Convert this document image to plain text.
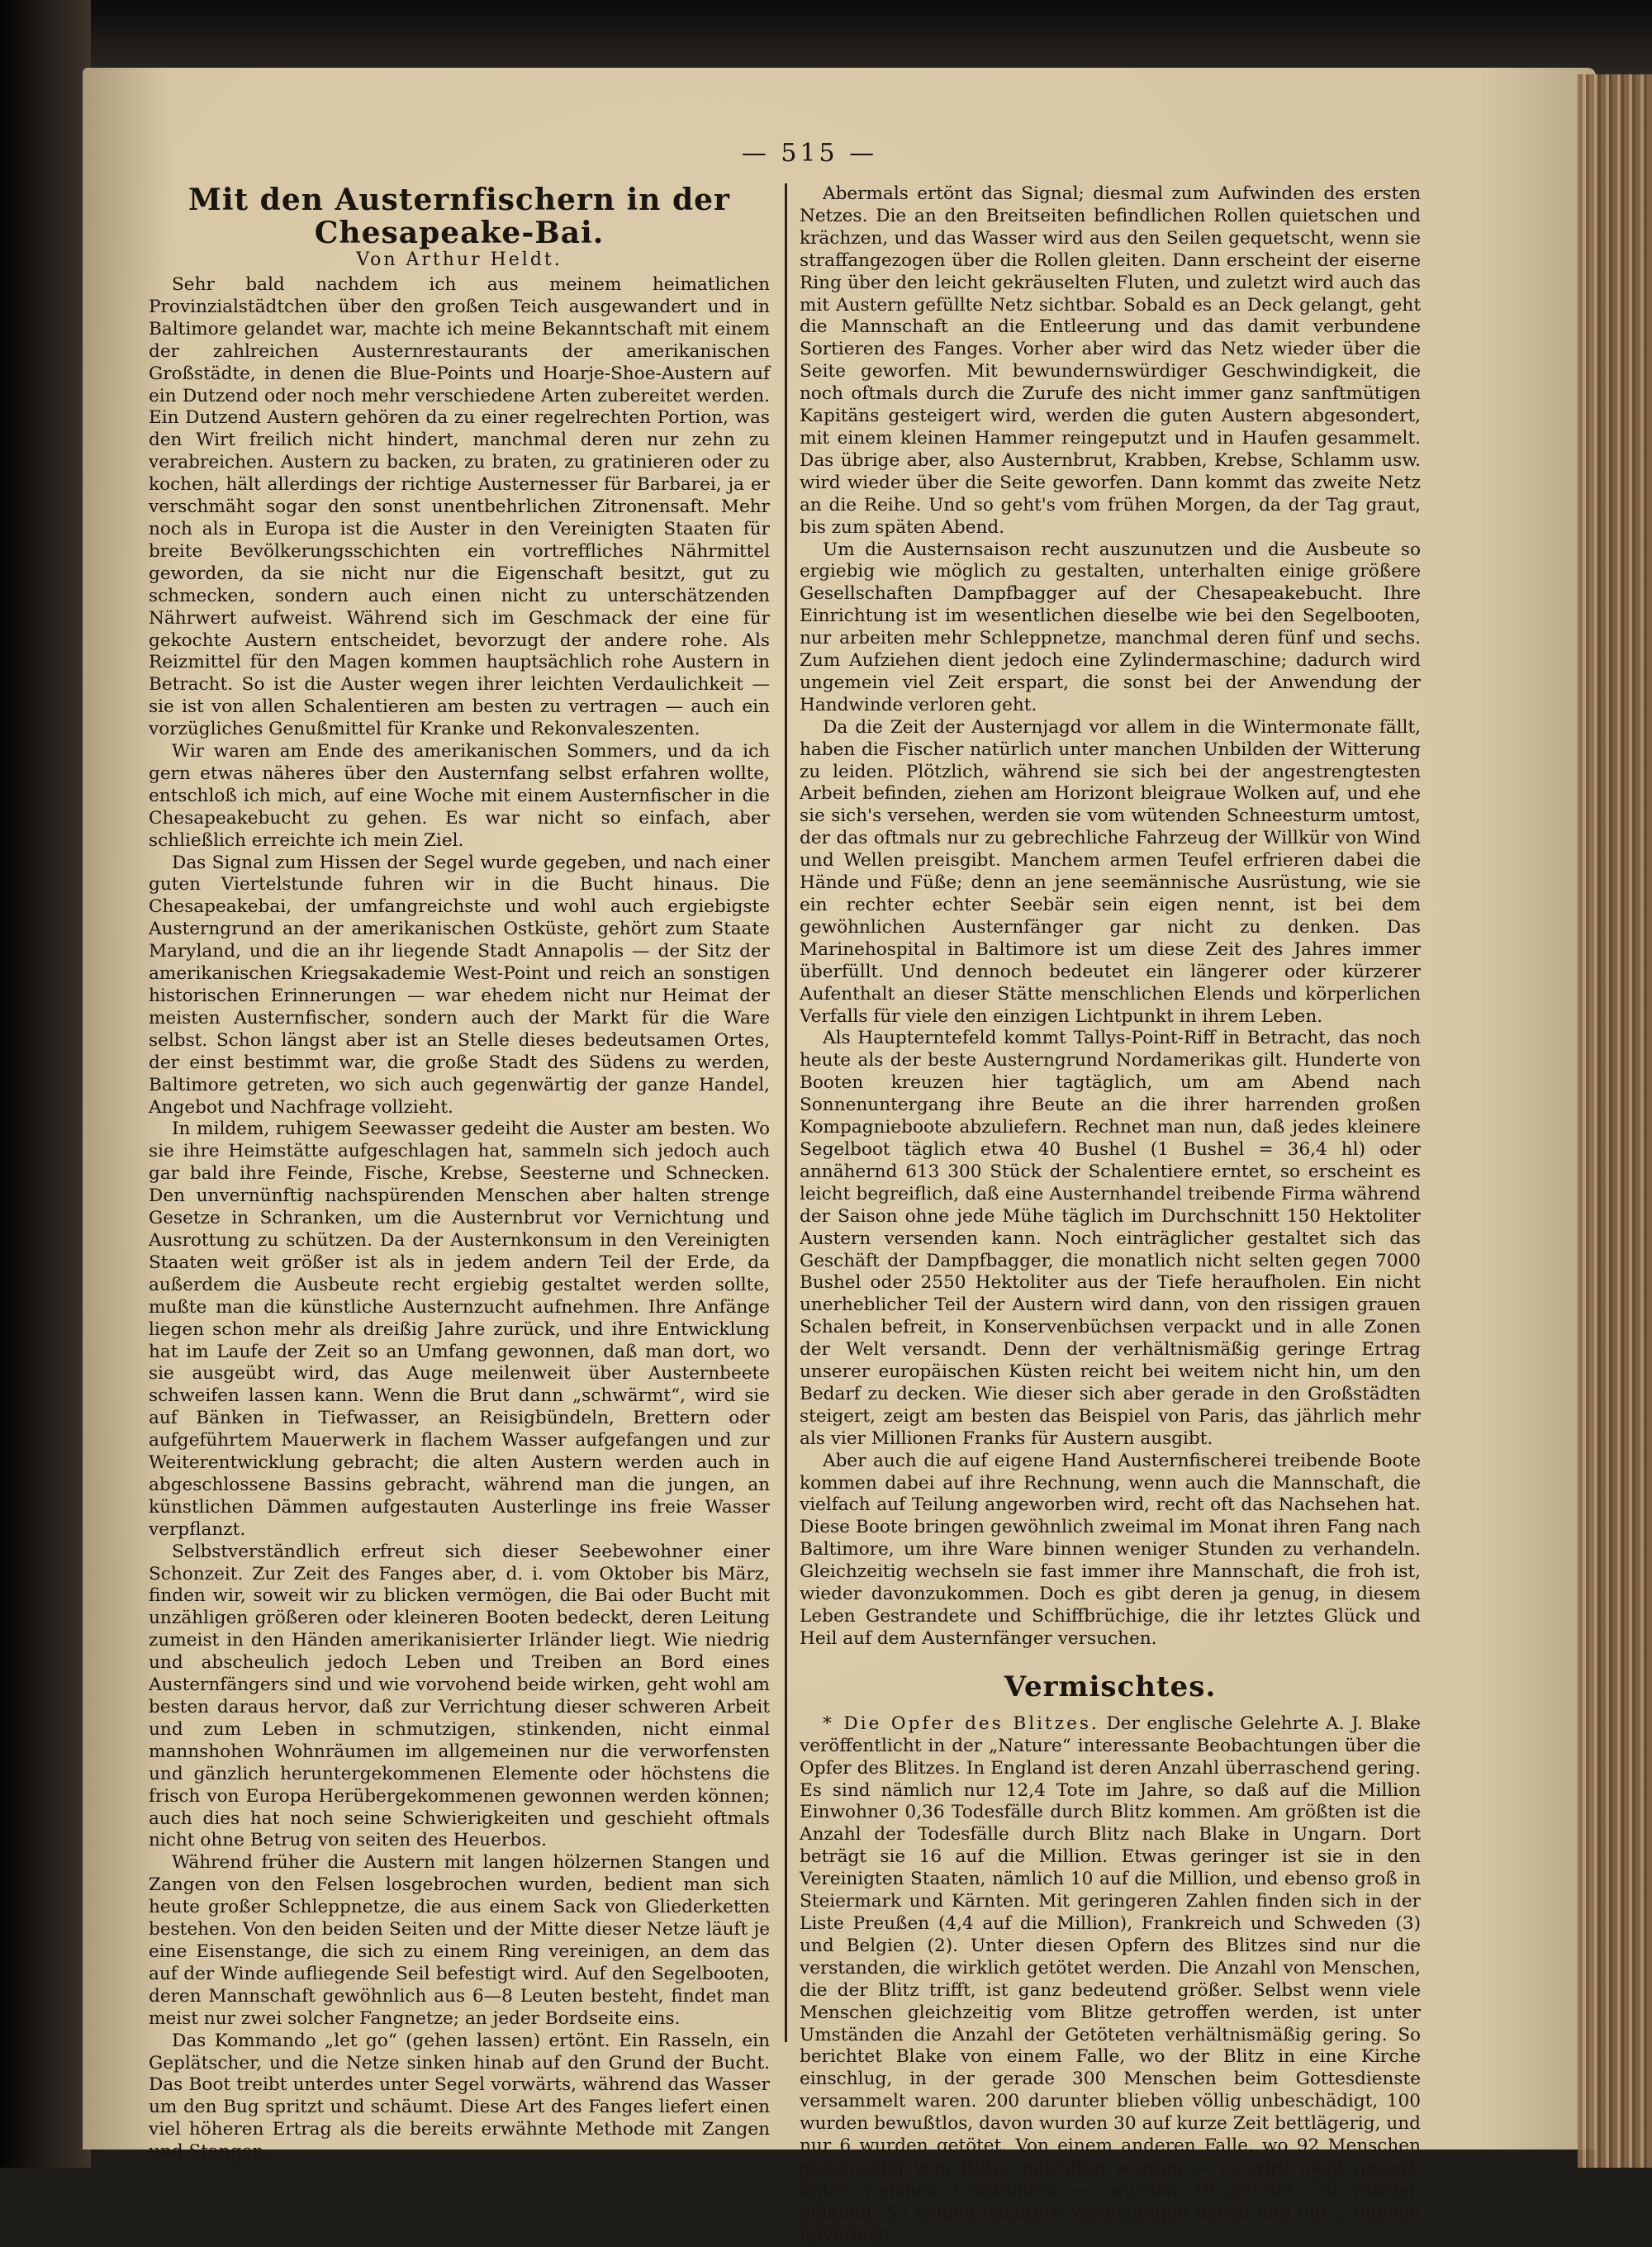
— 515 —
Mit den Austernfischern in der Chesapeake-Bai.

Von Arthur Heldt.

Sehr bald nachdem ich aus meinem heimatlichen Provinzialstädtchen über den großen Teich ausgewandert und in Baltimore gelandet war, machte ich meine Bekanntschaft mit einem der zahlreichen Austernrestaurants der amerikanischen Großstädte, in denen die Blue-Points und Hoarje-Shoe-Austern auf ein Dutzend oder noch mehr verschiedene Arten zubereitet werden. Ein Dutzend Austern gehören da zu einer regelrechten Portion, was den Wirt freilich nicht hindert, manchmal deren nur zehn zu verabreichen. Austern zu backen, zu braten, zu gratinieren oder zu kochen, hält allerdings der richtige Austernesser für Barbarei, ja er verschmäht sogar den sonst unentbehrlichen Zitronensaft. Mehr noch als in Europa ist die Auster in den Vereinigten Staaten für breite Bevölkerungsschichten ein vortreffliches Nährmittel geworden, da sie nicht nur die Eigenschaft besitzt, gut zu schmecken, sondern auch einen nicht zu unterschätzenden Nährwert aufweist. Während sich im Geschmack der eine für gekochte Austern entscheidet, bevorzugt der andere rohe. Als Reizmittel für den Magen kommen hauptsächlich rohe Austern in Betracht. So ist die Auster wegen ihrer leichten Verdaulichkeit — sie ist von allen Schalentieren am besten zu vertragen — auch ein vorzügliches Genußmittel für Kranke und Rekonvaleszenten.

Wir waren am Ende des amerikanischen Sommers, und da ich gern etwas näheres über den Austernfang selbst erfahren wollte, entschloß ich mich, auf eine Woche mit einem Austernfischer in die Chesapeakebucht zu gehen. Es war nicht so einfach, aber schließlich erreichte ich mein Ziel.

Das Signal zum Hissen der Segel wurde gegeben, und nach einer guten Viertelstunde fuhren wir in die Bucht hinaus. Die Chesapeakebai, der umfangreichste und wohl auch ergiebigste Austerngrund an der amerikanischen Ostküste, gehört zum Staate Maryland, und die an ihr liegende Stadt Annapolis — der Sitz der amerikanischen Kriegsakademie West-Point und reich an sonstigen historischen Erinnerungen — war ehedem nicht nur Heimat der meisten Austernfischer, sondern auch der Markt für die Ware selbst. Schon längst aber ist an Stelle dieses bedeutsamen Ortes, der einst bestimmt war, die große Stadt des Südens zu werden, Baltimore getreten, wo sich auch gegenwärtig der ganze Handel, Angebot und Nachfrage vollzieht.

In mildem, ruhigem Seewasser gedeiht die Auster am besten. Wo sie ihre Heimstätte aufgeschlagen hat, sammeln sich jedoch auch gar bald ihre Feinde, Fische, Krebse, Seesterne und Schnecken. Den unvernünftig nachspürenden Menschen aber halten strenge Gesetze in Schranken, um die Austernbrut vor Vernichtung und Ausrottung zu schützen. Da der Austernkonsum in den Vereinigten Staaten weit größer ist als in jedem andern Teil der Erde, da außerdem die Ausbeute recht ergiebig gestaltet werden sollte, mußte man die künstliche Austernzucht aufnehmen. Ihre Anfänge liegen schon mehr als dreißig Jahre zurück, und ihre Entwicklung hat im Laufe der Zeit so an Umfang gewonnen, daß man dort, wo sie ausgeübt wird, das Auge meilenweit über Austernbeete schweifen lassen kann. Wenn die Brut dann „schwärmt“, wird sie auf Bänken in Tiefwasser, an Reisigbündeln, Brettern oder aufgeführtem Mauerwerk in flachem Wasser aufgefangen und zur Weiterentwicklung gebracht; die alten Austern werden auch in abgeschlossene Bassins gebracht, während man die jungen, an künstlichen Dämmen aufgestauten Austerlinge ins freie Wasser verpflanzt.

Selbstverständlich erfreut sich dieser Seebewohner einer Schonzeit. Zur Zeit des Fanges aber, d. i. vom Oktober bis März, finden wir, soweit wir zu blicken vermögen, die Bai oder Bucht mit unzähligen größeren oder kleineren Booten bedeckt, deren Leitung zumeist in den Händen amerikanisierter Irländer liegt. Wie niedrig und abscheulich jedoch Leben und Treiben an Bord eines Austernfängers sind und wie vorvohend beide wirken, geht wohl am besten daraus hervor, daß zur Verrichtung dieser schweren Arbeit und zum Leben in schmutzigen, stinkenden, nicht einmal mannshohen Wohnräumen im allgemeinen nur die verworfensten und gänzlich heruntergekommenen Elemente oder höchstens die frisch von Europa Herübergekommenen gewonnen werden können; auch dies hat noch seine Schwierigkeiten und geschieht oftmals nicht ohne Betrug von seiten des Heuerbos.

Während früher die Austern mit langen hölzernen Stangen und Zangen von den Felsen losgebrochen wurden, bedient man sich heute großer Schleppnetze, die aus einem Sack von Gliederketten bestehen. Von den beiden Seiten und der Mitte dieser Netze läuft je eine Eisenstange, die sich zu einem Ring vereinigen, an dem das auf der Winde aufliegende Seil befestigt wird. Auf den Segelbooten, deren Mannschaft gewöhnlich aus 6—8 Leuten besteht, findet man meist nur zwei solcher Fangnetze; an jeder Bordseite eins.

Das Kommando „let go“ (gehen lassen) ertönt. Ein Rasseln, ein Geplätscher, und die Netze sinken hinab auf den Grund der Bucht. Das Boot treibt unterdes unter Segel vorwärts, während das Wasser um den Bug spritzt und schäumt. Diese Art des Fanges liefert einen viel höheren Ertrag als die bereits erwähnte Methode mit Zangen und Stangen.

Abermals ertönt das Signal; diesmal zum Aufwinden des ersten Netzes. Die an den Breitseiten befindlichen Rollen quietschen und krächzen, und das Wasser wird aus den Seilen gequetscht, wenn sie straffangezogen über die Rollen gleiten. Dann erscheint der eiserne Ring über den leicht gekräuselten Fluten, und zuletzt wird auch das mit Austern gefüllte Netz sichtbar. Sobald es an Deck gelangt, geht die Mannschaft an die Entleerung und das damit verbundene Sortieren des Fanges. Vorher aber wird das Netz wieder über die Seite geworfen. Mit bewundernswürdiger Geschwindigkeit, die noch oftmals durch die Zurufe des nicht immer ganz sanftmütigen Kapitäns gesteigert wird, werden die guten Austern abgesondert, mit einem kleinen Hammer reingeputzt und in Haufen gesammelt. Das übrige aber, also Austernbrut, Krabben, Krebse, Schlamm usw. wird wieder über die Seite geworfen. Dann kommt das zweite Netz an die Reihe. Und so geht's vom frühen Morgen, da der Tag graut, bis zum späten Abend.

Um die Austernsaison recht auszunutzen und die Ausbeute so ergiebig wie möglich zu gestalten, unterhalten einige größere Gesellschaften Dampfbagger auf der Chesapeakebucht. Ihre Einrichtung ist im wesentlichen dieselbe wie bei den Segelbooten, nur arbeiten mehr Schleppnetze, manchmal deren fünf und sechs. Zum Aufziehen dient jedoch eine Zylindermaschine; dadurch wird ungemein viel Zeit erspart, die sonst bei der Anwendung der Handwinde verloren geht.

Da die Zeit der Austernjagd vor allem in die Wintermonate fällt, haben die Fischer natürlich unter manchen Unbilden der Witterung zu leiden. Plötzlich, während sie sich bei der angestrengtesten Arbeit befinden, ziehen am Horizont bleigraue Wolken auf, und ehe sie sich's versehen, werden sie vom wütenden Schneesturm umtost, der das oftmals nur zu gebrechliche Fahrzeug der Willkür von Wind und Wellen preisgibt. Manchem armen Teufel erfrieren dabei die Hände und Füße; denn an jene seemännische Ausrüstung, wie sie ein rechter echter Seebär sein eigen nennt, ist bei dem gewöhnlichen Austernfänger gar nicht zu denken. Das Marinehospital in Baltimore ist um diese Zeit des Jahres immer überfüllt. Und dennoch bedeutet ein längerer oder kürzerer Aufenthalt an dieser Stätte menschlichen Elends und körperlichen Verfalls für viele den einzigen Lichtpunkt in ihrem Leben.

Als Haupterntefeld kommt Tallys-Point-Riff in Betracht, das noch heute als der beste Austerngrund Nordamerikas gilt. Hunderte von Booten kreuzen hier tagtäglich, um am Abend nach Sonnenuntergang ihre Beute an die ihrer harrenden großen Kompagnieboote abzuliefern. Rechnet man nun, daß jedes kleinere Segelboot täglich etwa 40 Bushel (1 Bushel = 36,4 hl) oder annähernd 613 300 Stück der Schalentiere erntet, so erscheint es leicht begreiflich, daß eine Austernhandel treibende Firma während der Saison ohne jede Mühe täglich im Durchschnitt 150 Hektoliter Austern versenden kann. Noch einträglicher gestaltet sich das Geschäft der Dampfbagger, die monatlich nicht selten gegen 7000 Bushel oder 2550 Hektoliter aus der Tiefe heraufholen. Ein nicht unerheblicher Teil der Austern wird dann, von den rissigen grauen Schalen befreit, in Konservenbüchsen verpackt und in alle Zonen der Welt versandt. Denn der verhältnismäßig geringe Ertrag unserer europäischen Küsten reicht bei weitem nicht hin, um den Bedarf zu decken. Wie dieser sich aber gerade in den Großstädten steigert, zeigt am besten das Beispiel von Paris, das jährlich mehr als vier Millionen Franks für Austern ausgibt.

Aber auch die auf eigene Hand Austernfischerei treibende Boote kommen dabei auf ihre Rechnung, wenn auch die Mannschaft, die vielfach auf Teilung angeworben wird, recht oft das Nachsehen hat. Diese Boote bringen gewöhnlich zweimal im Monat ihren Fang nach Baltimore, um ihre Ware binnen weniger Stunden zu verhandeln. Gleichzeitig wechseln sie fast immer ihre Mannschaft, die froh ist, wieder davonzukommen. Doch es gibt deren ja genug, in diesem Leben Gestrandete und Schiffbrüchige, die ihr letztes Glück und Heil auf dem Austernfänger versuchen.

Vermischtes.

* Die Opfer des Blitzes. Der englische Gelehrte A. J. Blake veröffentlicht in der „Nature“ interessante Beobachtungen über die Opfer des Blitzes. In England ist deren Anzahl überraschend gering. Es sind nämlich nur 12,4 Tote im Jahre, so daß auf die Million Einwohner 0,36 Todesfälle durch Blitz kommen. Am größten ist die Anzahl der Todesfälle durch Blitz nach Blake in Ungarn. Dort beträgt sie 16 auf die Million. Etwas geringer ist sie in den Vereinigten Staaten, nämlich 10 auf die Million, und ebenso groß in Steiermark und Kärnten. Mit geringeren Zahlen finden sich in der Liste Preußen (4,4 auf die Million), Frankreich und Schweden (3) und Belgien (2). Unter diesen Opfern des Blitzes sind nur die verstanden, die wirklich getötet werden. Die Anzahl von Menschen, die der Blitz trifft, ist ganz bedeutend größer. Selbst wenn viele Menschen gleichzeitig vom Blitze getroffen werden, ist unter Umständen die Anzahl der Getöteten verhältnismäßig gering. So berichtet Blake von einem Falle, wo der Blitz in eine Kirche einschlug, in der gerade 300 Menschen beim Gottesdienste versammelt waren. 200 darunter blieben völlig unbeschädigt, 100 wurden bewußtlos, davon wurden 30 auf kurze Zeit bettlägerig, und nur 6 wurden getötet. Von einem anderen Falle, wo 92 Menschen gleichzeitig vom Blitze getroffen wurden — es wird nicht gesagt, unter welchen Umständen —, wurden 10 getötet; 20 wurden gelähmt, 55 trugen leichtere Verletzungen davon und nur 7 blieben unverletzt
